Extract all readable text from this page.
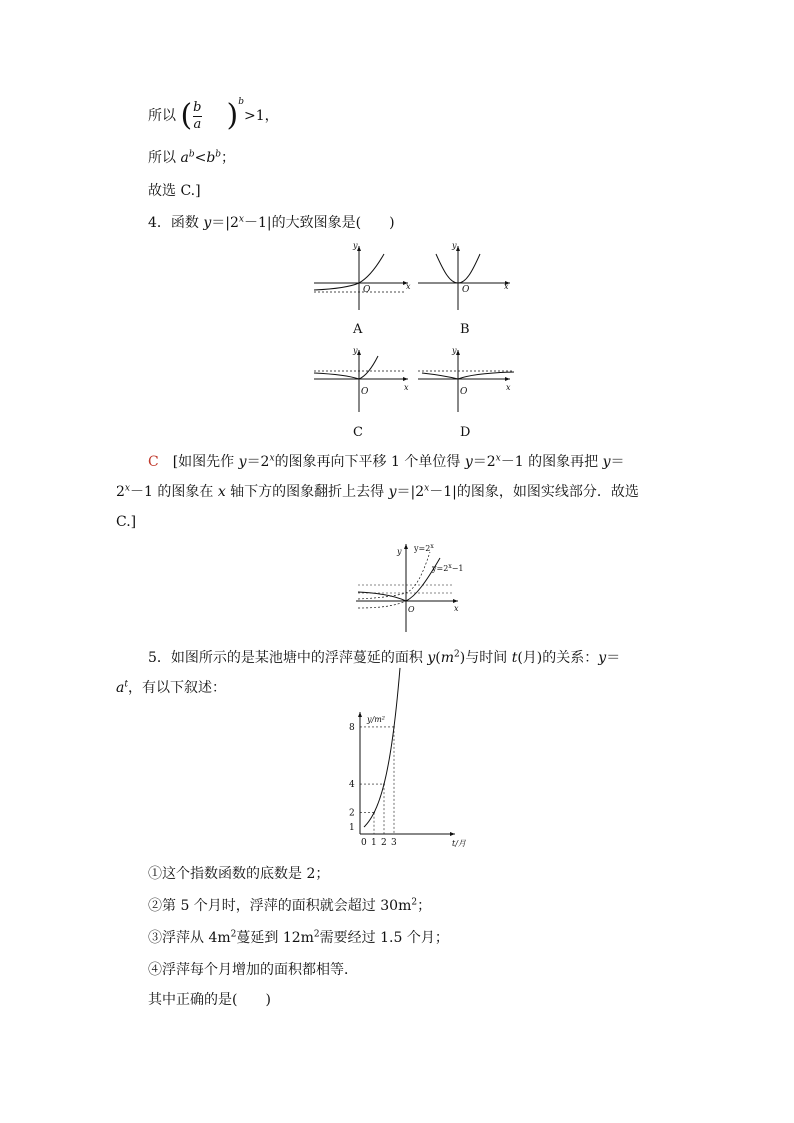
所以 ( $\frac{b}{a} )^b>1$，
所以 $a^b<b^b$；
故选 C.]
4．函数 $y=|2^x-1|$的大致图象是(　　)
y
x
O
y
x
O
A	B
y
x
O
y
x
O
C	D
C　[如图先作 $y=2^x$的图象再向下平移 1 个单位得 $y=2^x-1$ 的图象再把 y＝
$2^x-1$ 的图象在 x 轴下方的图象翻折上去得 $y=|2^x-1|$的图象，如图实线部分．故选
C.]
y
x
O
$y=2^x$
$y=2^x-1$
5．如图所示的是某池塘中的浮萍蔓延的面积 $y(m^2)$与时间 t(月)的关系：y＝
$a^t$，有以下叙述：
y/m²
t/月
1
2
4
8
0 1 2 3
①这个指数函数的底数是 2；
②第 5 个月时，浮萍的面积就会超过 $30m^2$；
③浮萍从 $4m^2$蔓延到 $12m^2$需要经过 1.5 个月；
④浮萍每个月增加的面积都相等．
其中正确的是(　　)
